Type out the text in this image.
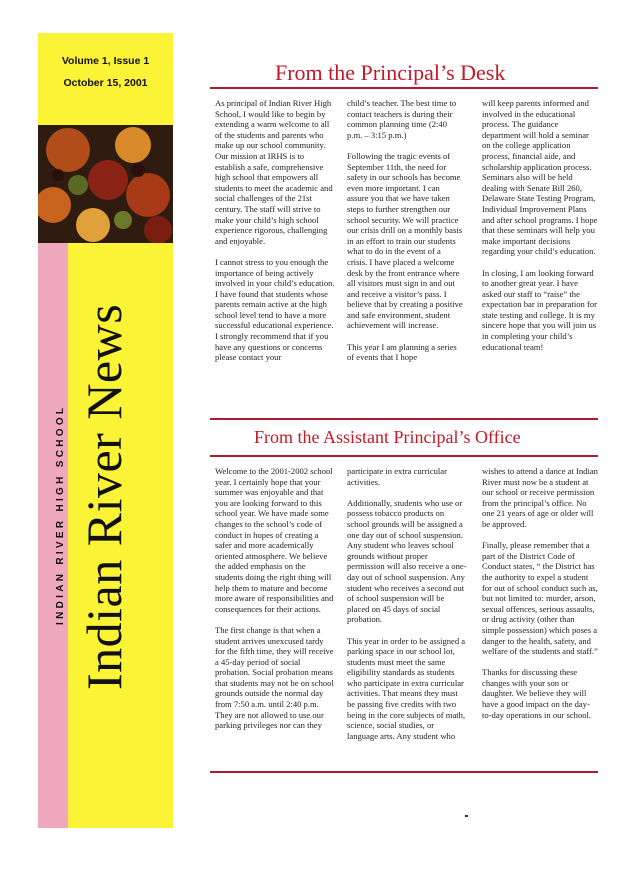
Volume 1, Issue 1
October 15, 2001
INDIAN RIVER HIGH SCHOOL Indian River News
From the Principal’s Desk

As principal of Indian River High School, I would like to begin by extending a warm welcome to all of the students and parents who make up our school community. Our mission at IRHS is to establish a safe, comprehensive high school that empowers all students to meet the academic and social challenges of the 21st century. The staff will strive to make your child’s high school experience rigorous, challenging and enjoyable.

I cannot stress to you enough the importance of being actively involved in your child’s education. I have found that students whose parents remain active at the high school level tend to have a more successful educational experience. I strongly recommend that if you have any questions or concerns please contact your

child’s teacher. The best time to contact teachers is during their common planning time (2:40 p.m. – 3:15 p.m.)

Following the tragic events of September 11th, the need for safety in our schools has become even more important. I can assure you that we have taken steps to further strengthen our school security. We will practice our crisis drill on a monthly basis in an effort to train our students what to do in the event of a crisis. I have placed a welcome desk by the front entrance where all visitors must sign in and out and receive a visitor’s pass. I believe that by creating a positive and safe environment, student achievement will increase.

This year I am planning a series of events that I hope

will keep parents informed and involved in the educational process. The guidance department will hold a seminar on the college application process, financial aide, and scholarship application process. Seminars also will be held dealing with Senate Bill 260, Delaware State Testing Program, Individual Improvement Plans and after school programs. I hope that these seminars will help you make important decisions regarding your child’s education.

In closing, I am looking forward to another great year. I have asked our staff to “raise” the expectation bar in preparation for state testing and college. It is my sincere hope that you will join us in completing your child’s educational team!

From the Assistant Principal’s Office

Welcome to the 2001-2002 school year. I certainly hope that your summer was enjoyable and that you are looking forward to this school year. We have made some changes to the school’s code of conduct in hopes of creating a safer and more academically oriented atmosphere. We believe the added emphasis on the students doing the right thing will help them to mature and become more aware of responsibilities and consequences for their actions.

The first change is that when a student arrives unexcused tardy for the fifth time, they will receive a 45-day period of social probation. Social probation means that students may not be on school grounds outside the normal day from 7:50 a.m. until 2:40 p.m. They are not allowed to use our parking privileges nor can they

participate in extra curricular activities.

Additionally, students who use or possess tobacco products on school grounds will be assigned a one day out of school suspension. Any student who leaves school grounds without proper permission will also receive a one-day out of school suspension. Any student who receives a second out of school suspension will be placed on 45 days of social probation.

This year in order to be assigned a parking space in our school lot, students must meet the same eligibility standards as students who participate in extra curricular activities. That means they must be passing five credits with two being in the core subjects of math, science, social studies, or language arts. Any student who

wishes to attend a dance at Indian River must now be a student at our school or receive permission from the principal’s office. No one 21 years of age or older will be approved.

Finally, please remember that a part of the District Code of Conduct states, “ the District has the authority to expel a student for out of school conduct such as, but not limited to: murder, arson, sexual offences, serious assaults, or drug activity (other than simple possession) which poses a danger to the health, safety, and welfare of the students and staff.”

Thanks for discussing these changes with your son or daughter. We believe they will have a good impact on the day-to-day operations in our school.
